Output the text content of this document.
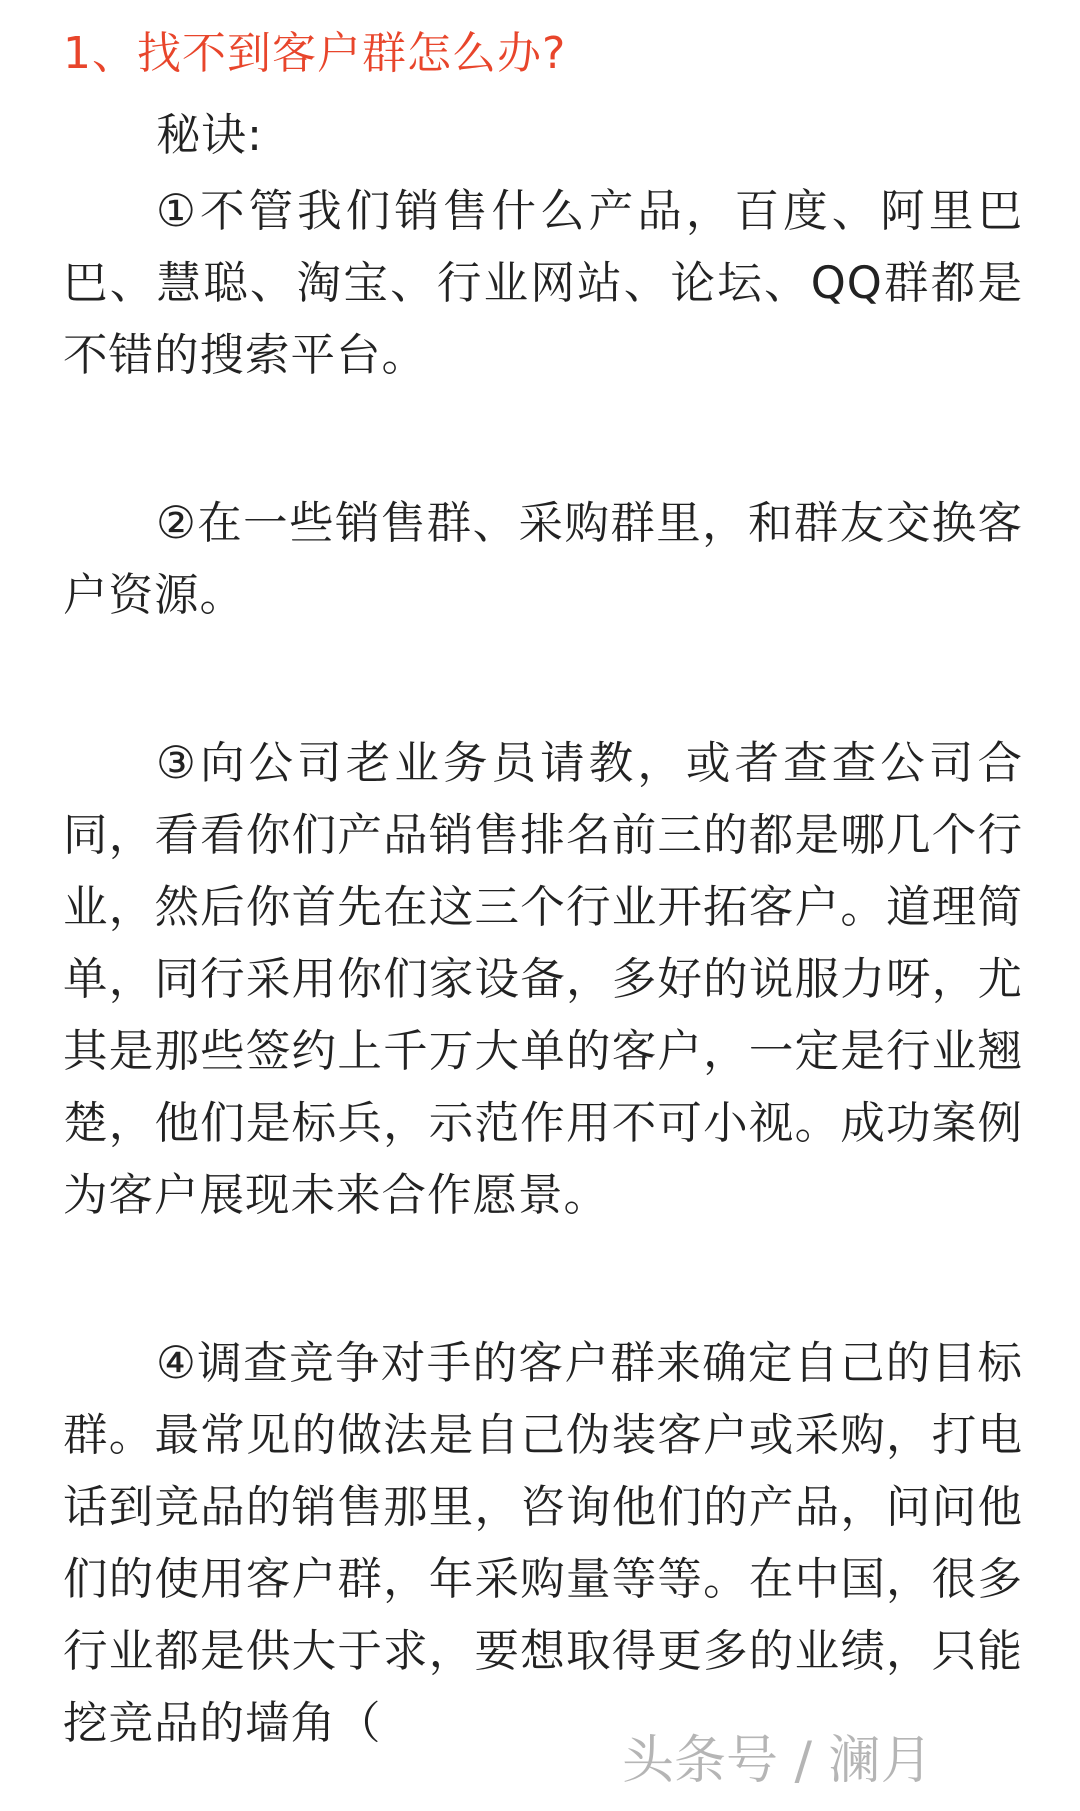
1、找不到客户群怎么办?

秘诀:

①不管我们销售什么产品，百度、阿里巴巴、慧聪、淘宝、行业网站、论坛、QQ群都是不错的搜索平台。

②在一些销售群、采购群里，和群友交换客户资源。

③向公司老业务员请教，或者查查公司合同，看看你们产品销售排名前三的都是哪几个行业，然后你首先在这三个行业开拓客户。道理简单，同行采用你们家设备，多好的说服力呀，尤其是那些签约上千万大单的客户，一定是行业翘楚，他们是标兵，示范作用不可小视。成功案例为客户展现未来合作愿景。

④调查竞争对手的客户群来确定自己的目标群。最常见的做法是自己伪装客户或采购，打电话到竞品的销售那里，咨询他们的产品，问问他们的使用客户群，年采购量等等。在中国，很多行业都是供大于求，要想取得更多的业绩，只能挖竞品的墙角（

头条号 / 澜月
